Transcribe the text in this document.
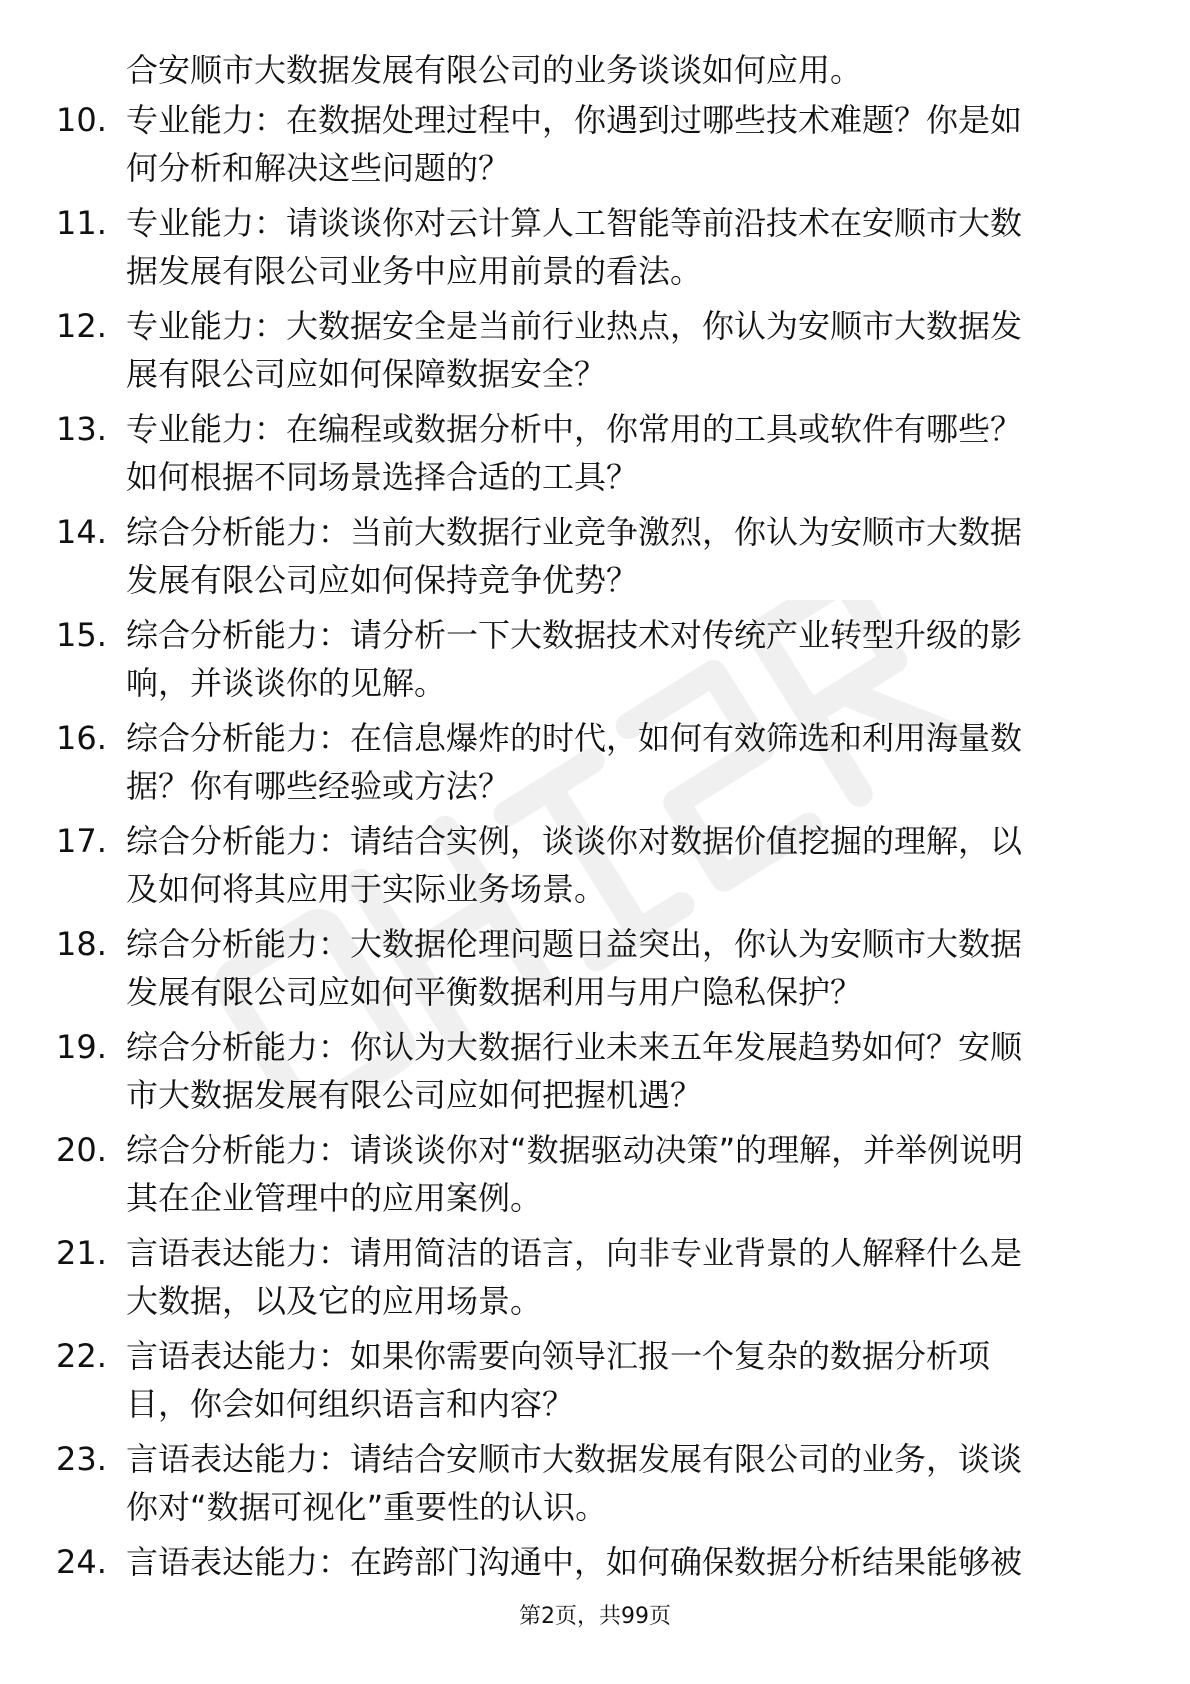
合安顺市大数据发展有限公司的业务谈谈如何应用。
10. 专业能力：在数据处理过程中，你遇到过哪些技术难题？你是如
何分析和解决这些问题的？
11. 专业能力：请谈谈你对云计算人工智能等前沿技术在安顺市大数
据发展有限公司业务中应用前景的看法。
12. 专业能力：大数据安全是当前行业热点，你认为安顺市大数据发
展有限公司应如何保障数据安全？
13. 专业能力：在编程或数据分析中，你常用的工具或软件有哪些？
如何根据不同场景选择合适的工具？
14. 综合分析能力：当前大数据行业竞争激烈，你认为安顺市大数据
发展有限公司应如何保持竞争优势？
15. 综合分析能力：请分析一下大数据技术对传统产业转型升级的影
响，并谈谈你的见解。
16. 综合分析能力：在信息爆炸的时代，如何有效筛选和利用海量数
据？你有哪些经验或方法？
17. 综合分析能力：请结合实例，谈谈你对数据价值挖掘的理解，以
及如何将其应用于实际业务场景。
18. 综合分析能力：大数据伦理问题日益突出，你认为安顺市大数据
发展有限公司应如何平衡数据利用与用户隐私保护？
19. 综合分析能力：你认为大数据行业未来五年发展趋势如何？安顺
市大数据发展有限公司应如何把握机遇？
20. 综合分析能力：请谈谈你对“数据驱动决策”的理解，并举例说明
其在企业管理中的应用案例。
21. 言语表达能力：请用简洁的语言，向非专业背景的人解释什么是
大数据，以及它的应用场景。
22. 言语表达能力：如果你需要向领导汇报一个复杂的数据分析项
目，你会如何组织语言和内容？
23. 言语表达能力：请结合安顺市大数据发展有限公司的业务，谈谈
你对“数据可视化”重要性的认识。
24. 言语表达能力：在跨部门沟通中，如何确保数据分析结果能够被
第2页，共99页
